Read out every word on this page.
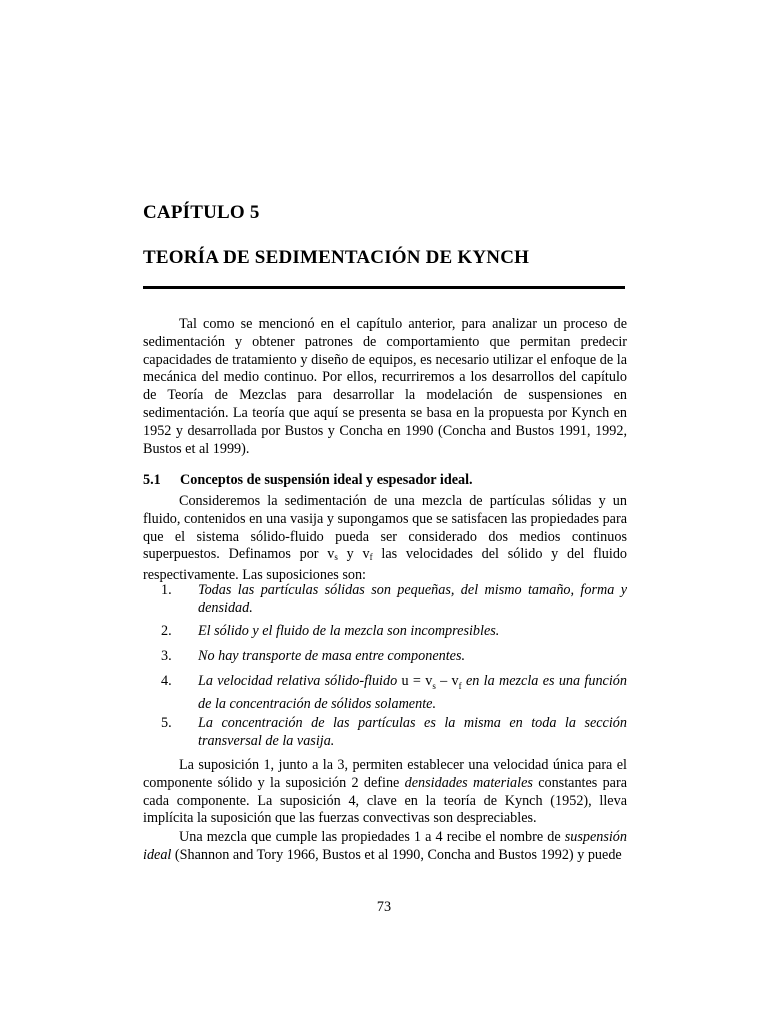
CAPÍTULO 5
TEORÍA DE SEDIMENTACIÓN DE KYNCH

Tal como se mencionó en el capítulo anterior, para analizar un proceso de sedimentación y obtener patrones de comportamiento que permitan predecir capacidades de tratamiento y diseño de equipos, es necesario utilizar el enfoque de la mecánica del medio continuo. Por ellos, recurriremos a los desarrollos del capítulo de Teoría de Mezclas para desarrollar la modelación de suspensiones en sedimentación. La teoría que aquí se presenta se basa en la propuesta por Kynch en 1952 y desarrollada por Bustos y Concha en 1990 (Concha and Bustos 1991, 1992, Bustos et al 1999).

5.1 Conceptos de suspensión ideal y espesador ideal.

Consideremos la sedimentación de una mezcla de partículas sólidas y un fluido, contenidos en una vasija y supongamos que se satisfacen las propiedades para que el sistema sólido-fluido pueda ser considerado dos medios continuos superpuestos. Definamos por $v_s$ y $v_f$ las velocidades del sólido y del fluido respectivamente. Las suposiciones son:

1. Todas las partículas sólidas son pequeñas, del mismo tamaño, forma y densidad.
2. El sólido y el fluido de la mezcla son incompresibles.
3. No hay transporte de masa entre componentes.
4. La velocidad relativa sólido-fluido $u = v_s - v_f$ en la mezcla es una función de la concentración de sólidos solamente.
5. La concentración de las partículas es la misma en toda la sección transversal de la vasija.

La suposición 1, junto a la 3, permiten establecer una velocidad única para el componente sólido y la suposición 2 define densidades materiales constantes para cada componente. La suposición 4, clave en la teoría de Kynch (1952), lleva implícita la suposición que las fuerzas convectivas son despreciables.

Una mezcla que cumple las propiedades 1 a 4 recibe el nombre de suspensión ideal (Shannon and Tory 1966, Bustos et al 1990, Concha and Bustos 1992) y puede

73
